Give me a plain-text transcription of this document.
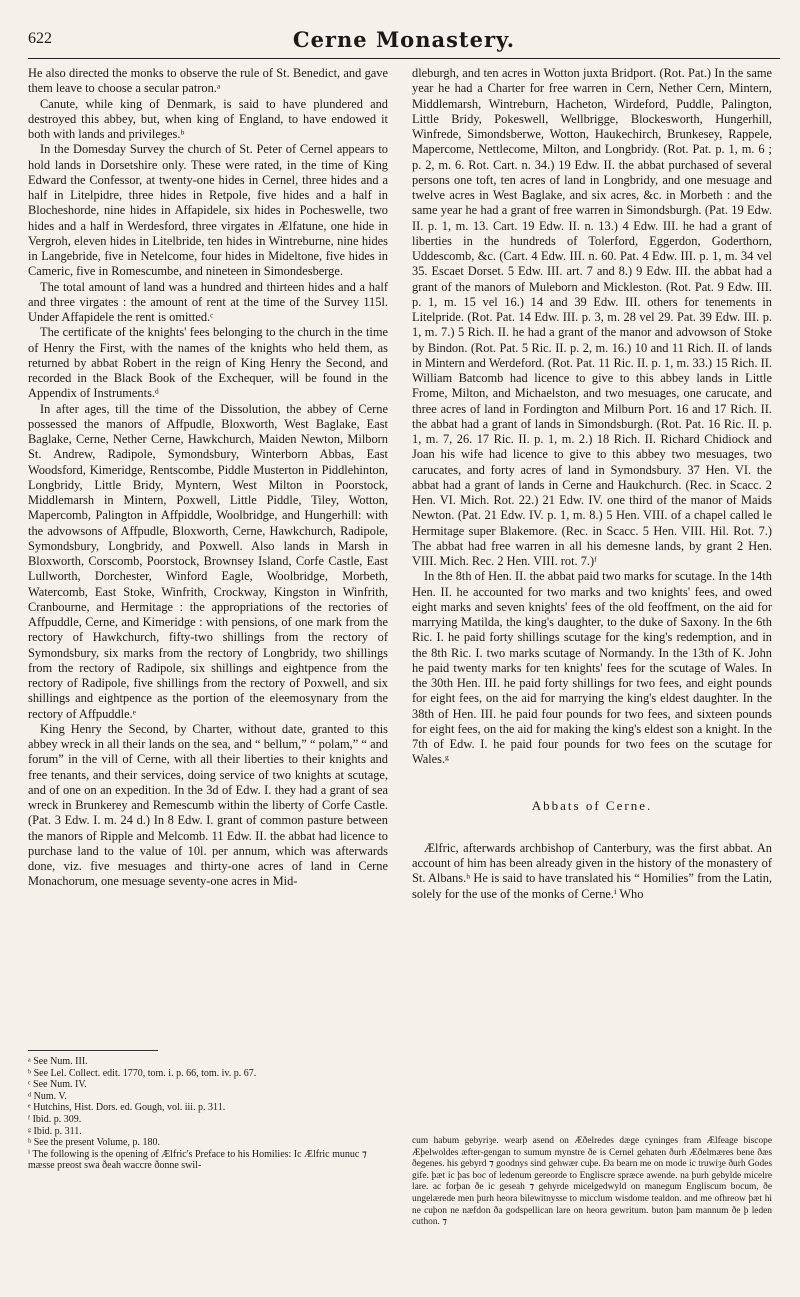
622	Cerne Monastery.

He also directed the monks to observe the rule of St. Benedict, and gave them leave to choose a secular patron.ᵃ

Canute, while king of Denmark, is said to have plundered and destroyed this abbey, but, when king of England, to have endowed it both with lands and privileges.ᵇ

In the Domesday Survey the church of St. Peter of Cernel appears to hold lands in Dorsetshire only. These were rated, in the time of King Edward the Confessor, at twenty-one hides in Cernel, three hides and a half in Litelpidre, three hides in Retpole, five hides and a half in Blocheshorde, nine hides in Affapidele, six hides in Pocheswelle, two hides and a half in Werdesford, three virgates in Ælfatune, one hide in Vergroh, eleven hides in Litelbride, ten hides in Wintreburne, nine hides in Langebride, five in Netelcome, four hides in Mideltone, five hides in Cameric, five in Romescumbe, and nineteen in Simondesberge.

The total amount of land was a hundred and thirteen hides and a half and three virgates : the amount of rent at the time of the Survey 115l. Under Affapidele the rent is omitted.ᶜ

The certificate of the knights' fees belonging to the church in the time of Henry the First, with the names of the knights who held them, as returned by abbat Robert in the reign of King Henry the Second, and recorded in the Black Book of the Exchequer, will be found in the Appendix of Instruments.ᵈ

In after ages, till the time of the Dissolution, the abbey of Cerne possessed the manors of Affpudle, Bloxworth, West Baglake, East Baglake, Cerne, Nether Cerne, Hawkchurch, Maiden Newton, Milborn St. Andrew, Radipole, Symondsbury, Winterborn Abbas, East Woodsford, Kimeridge, Rentscombe, Piddle Musterton in Piddlehinton, Longbridy, Little Bridy, Myntern, West Milton in Poorstock, Middlemarsh in Mintern, Poxwell, Little Piddle, Tiley, Wotton, Mapercomb, Palington in Affpiddle, Woolbridge, and Hungerhill: with the advowsons of Affpudle, Bloxworth, Cerne, Hawkchurch, Radipole, Symondsbury, Longbridy, and Poxwell. Also lands in Marsh in Bloxworth, Corscomb, Poorstock, Brownsey Island, Corfe Castle, East Lullworth, Dorchester, Winford Eagle, Woolbridge, Morbeth, Watercomb, East Stoke, Winfrith, Crockway, Kingston in Winfrith, Cranbourne, and Hermitage : the appropriations of the rectories of Affpuddle, Cerne, and Kimeridge : with pensions, of one mark from the rectory of Hawkchurch, fifty-two shillings from the rectory of Symondsbury, six marks from the rectory of Longbridy, two shillings from the rectory of Radipole, six shillings and eightpence from the rectory of Radipole, five shillings from the rectory of Poxwell, and six shillings and eightpence as the portion of the eleemosynary from the rectory of Affpuddle.ᵉ

King Henry the Second, by Charter, without date, granted to this abbey wreck in all their lands on the sea, and “ bellum,” “ polam,” “ and forum” in the vill of Cerne, with all their liberties to their knights and free tenants, and their services, doing service of two knights at scutage, and of one on an expedition. In the 3d of Edw. I. they had a grant of sea wreck in Brunkerey and Remescumb within the liberty of Corfe Castle. (Pat. 3 Edw. I. m. 24 d.) In 8 Edw. I. grant of common pasture between the manors of Ripple and Melcomb. 11 Edw. II. the abbat had licence to purchase land to the value of 10l. per annum, which was afterwards done, viz. five mesuages and thirty-one acres of land in Cerne Monachorum, one mesuage seventy-one acres in Mid-

dleburgh, and ten acres in Wotton juxta Bridport. (Rot. Pat.) In the same year he had a Charter for free warren in Cern, Nether Cern, Mintern, Middlemarsh, Wintreburn, Hacheton, Wirdeford, Puddle, Palington, Little Bridy, Pokeswell, Wellbrigge, Blockesworth, Hungerhill, Winfrede, Simondsberwe, Wotton, Haukechirch, Brunkesey, Rappele, Mapercome, Nettlecome, Milton, and Longbridy. (Rot. Pat. p. 1, m. 6 ; p. 2, m. 6. Rot. Cart. n. 34.) 19 Edw. II. the abbat purchased of several persons one toft, ten acres of land in Longbridy, and one mesuage and twelve acres in West Baglake, and six acres, &c. in Morbeth : and the same year he had a grant of free warren in Simondsburgh. (Pat. 19 Edw. II. p. 1, m. 13. Cart. 19 Edw. II. n. 13.) 4 Edw. III. he had a grant of liberties in the hundreds of Tolerford, Eggerdon, Goderthorn, Uddescomb, &c. (Cart. 4 Edw. III. n. 60. Pat. 4 Edw. III. p. 1, m. 34 vel 35. Escaet Dorset. 5 Edw. III. art. 7 and 8.) 9 Edw. III. the abbat had a grant of the manors of Muleborn and Mickleston. (Rot. Pat. 9 Edw. III. p. 1, m. 15 vel 16.) 14 and 39 Edw. III. others for tenements in Litelpride. (Rot. Pat. 14 Edw. III. p. 3, m. 28 vel 29. Pat. 39 Edw. III. p. 1, m. 7.) 5 Rich. II. he had a grant of the manor and advowson of Stoke by Bindon. (Rot. Pat. 5 Ric. II. p. 2, m. 16.) 10 and 11 Rich. II. of lands in Mintern and Werdeford. (Rot. Pat. 11 Ric. II. p. 1, m. 33.) 15 Rich. II. William Batcomb had licence to give to this abbey lands in Little Frome, Milton, and Michaelston, and two mesuages, one carucate, and three acres of land in Fordington and Milburn Port. 16 and 17 Rich. II. the abbat had a grant of lands in Simondsburgh. (Rot. Pat. 16 Ric. II. p. 1, m. 7, 26. 17 Ric. II. p. 1, m. 2.) 18 Rich. II. Richard Chidiock and Joan his wife had licence to give to this abbey two mesuages, two carucates, and forty acres of land in Symondsbury. 37 Hen. VI. the abbat had a grant of lands in Cerne and Haukchurch. (Rec. in Scacc. 2 Hen. VI. Mich. Rot. 22.) 21 Edw. IV. one third of the manor of Maids Newton. (Pat. 21 Edw. IV. p. 1, m. 8.) 5 Hen. VIII. of a chapel called le Hermitage super Blakemore. (Rec. in Scacc. 5 Hen. VIII. Hil. Rot. 7.) The abbat had free warren in all his demesne lands, by grant 2 Hen. VIII. Mich. Rec. 2 Hen. VIII. rot. 7.)ᶠ

In the 8th of Hen. II. the abbat paid two marks for scutage. In the 14th Hen. II. he accounted for two marks and two knights' fees, and owed eight marks and seven knights' fees of the old feoffment, on the aid for marrying Matilda, the king's daughter, to the duke of Saxony. In the 6th Ric. I. he paid forty shillings scutage for the king's redemption, and in the 8th Ric. I. two marks scutage of Normandy. In the 13th of K. John he paid twenty marks for ten knights' fees for the scutage of Wales. In the 30th Hen. III. he paid forty shillings for two fees, and eight pounds for eight fees, on the aid for marrying the king's eldest daughter. In the 38th of Hen. III. he paid four pounds for two fees, and sixteen pounds for eight fees, on the aid for making the king's eldest son a knight. In the 7th of Edw. I. he paid four pounds for two fees on the scutage for Wales.ᵍ

Abbats of Cerne.

Ælfric, afterwards archbishop of Canterbury, was the first abbat. An account of him has been already given in the history of the monastery of St. Albans.ʰ He is said to have translated his “ Homilies” from the Latin, solely for the use of the monks of Cerne.ⁱ Who

ᵃ See Num. III.
ᵇ See Lel. Collect. edit. 1770, tom. i. p. 66, tom. iv. p. 67.
ᶜ See Num. IV.
ᵈ Num. V.
ᵉ Hutchins, Hist. Dors. ed. Gough, vol. iii. p. 311.
ᶠ Ibid. p. 309.
ᵍ Ibid. p. 311.
ʰ See the present Volume, p. 180.
ⁱ The following is the opening of Ælfric's Preface to his Homilies: Ic Ælfric munuc ⁊ mæsse preost swa ðeah waccre ðonne swil-
cum habum gebyriȝe. wearþ asend on Æðelredes dæge cyninges fram Ælfeage biscope Æþelwoldes æfter-gengan to sumum mynstre ðe is Cernel gehaten ðurh Æðelmæres bene ðæs ðegenes. his gebyrd ⁊ goodnys sind gehwær cuþe. Ða bearn me on mode ic truwiȝe ðurh Godes gife. þæt ic þas boc of ledenum gereorde to Engliscre spræce awende. na þurh gebylde micelre lare. ac forþan ðe ic geseah ⁊ gehyrde micelgedwyld on manegum Engliscum bocum, ðe ungelærede men þurh heora bilewitnysse to micclum wisdome tealdon. and me ofhreow þæt hi ne cuþon ne næfdon ða godspellican lare on heora gewritum. buton þam mannum ðe þ leden cuthon. ⁊
